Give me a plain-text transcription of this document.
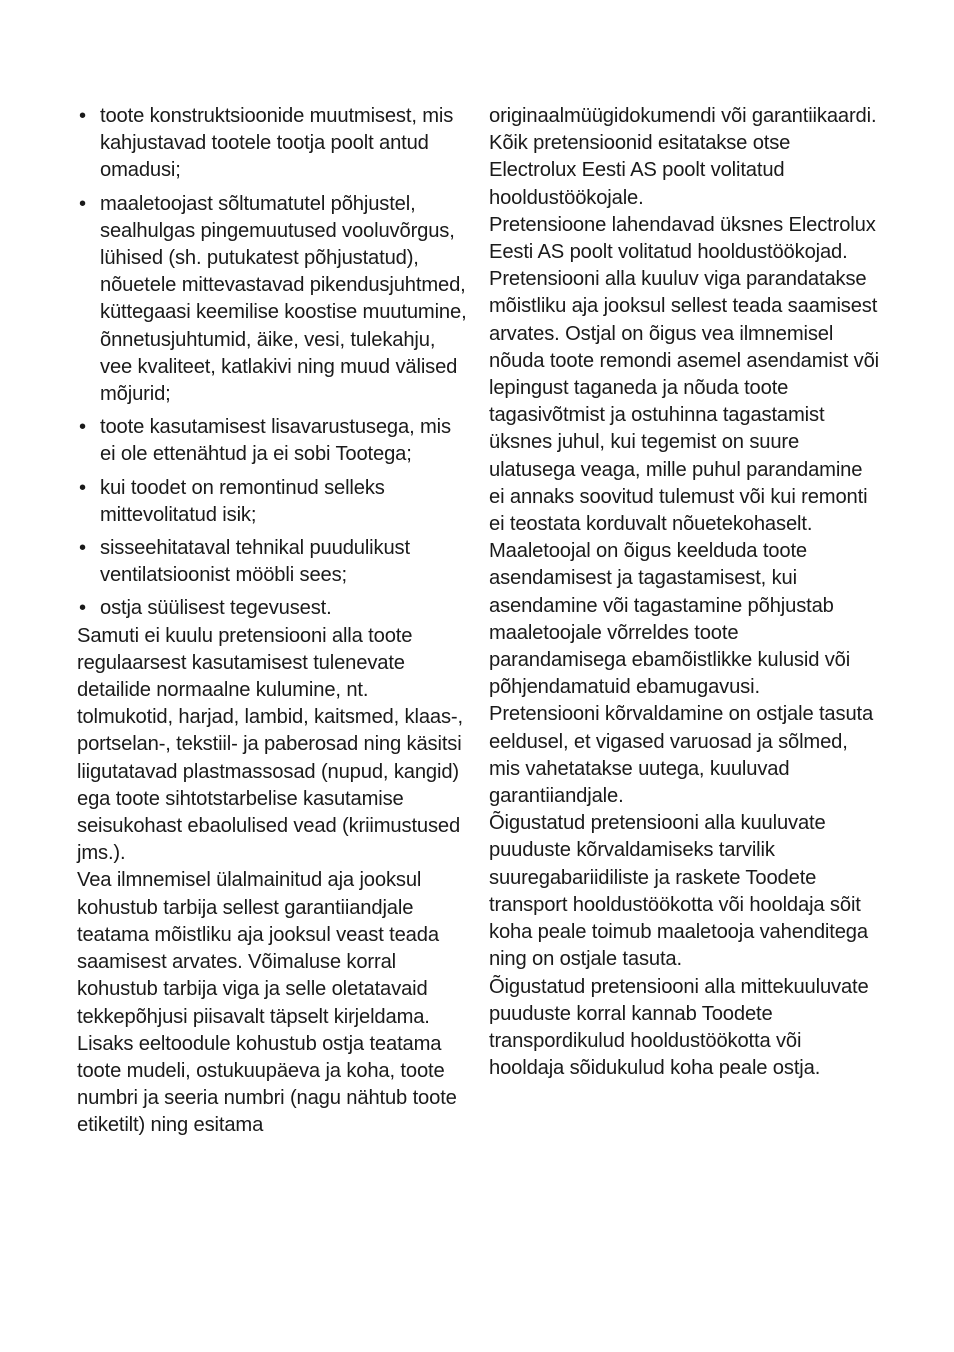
• toote konstruktsioonide muutmisest, mis kahjustavad tootele tootja poolt antud omadusi;
• maaletoojast sõltumatutel põhjustel, sealhulgas pingemuutused vooluvõrgus, lühised (sh. putukatest põhjustatud), nõuetele mittevastavad pikendusjuhtmed, küttegaasi keemilise koostise muutumine, õnnetusjuhtumid, äike, vesi, tulekahju, vee kvaliteet, katlakivi ning muud välised mõjurid;
• toote kasutamisest lisavarustusega, mis ei ole ettenähtud ja ei sobi Tootega;
• kui toodet on remontinud selleks mittevolitatud isik;
• sisseehitataval tehnikal puudulikust ventilatsioonist mööbli sees;
• ostja süülisest tegevusest.

Samuti ei kuulu pretensiooni alla toote regulaarsest kasutamisest tulenevate detailide normaalne kulumine, nt. tolmukotid, harjad, lambid, kaitsmed, klaas-, portselan-, tekstiil- ja paberosad ning käsitsi liigutatavad plastmassosad (nupud, kangid) ega toote sihtotstarbelise kasutamise seisukohast ebaolulised vead (kriimustused jms.).

Vea ilmnemisel ülalmainitud aja jooksul kohustub tarbija sellest garantiiandjale teatama mõistliku aja jooksul veast teada saamisest arvates. Võimaluse korral kohustub tarbija viga ja selle oletatavaid tekkepõhjusi piisavalt täpselt kirjeldama. Lisaks eeltoodule kohustub ostja teatama toote mudeli, ostukuupäeva ja koha, toote numbri ja seeria numbri (nagu nähtub toote etiketilt) ning esitama

originaalmüügidokumendi või garantiikaardi.

Kõik pretensioonid esitatakse otse Electrolux Eesti AS poolt volitatud hooldustöökojale.

Pretensioone lahendavad üksnes Electrolux Eesti AS poolt volitatud hooldustöökojad. Pretensiooni alla kuuluv viga parandatakse mõistliku aja jooksul sellest teada saamisest arvates. Ostjal on õigus vea ilmnemisel nõuda toote remondi asemel asendamist või lepingust taganeda ja nõuda toote tagasivõtmist ja ostuhinna tagastamist üksnes juhul, kui tegemist on suure ulatusega veaga, mille puhul parandamine ei annaks soovitud tulemust või kui remonti ei teostata korduvalt nõuetekohaselt. Maaletoojal on õigus keelduda toote asendamisest ja tagastamisest, kui asendamine või tagastamine põhjustab maaletoojale võrreldes toote parandamisega ebamõistlikke kulusid või põhjendamatuid ebamugavusi.

Pretensiooni kõrvaldamine on ostjale tasuta eeldusel, et vigased varuosad ja sõlmed, mis vahetatakse uutega, kuuluvad garantiiandjale.

Õigustatud pretensiooni alla kuuluvate puuduste kõrvaldamiseks tarvilik suuregabariidiliste ja raskete Toodete transport hooldustöökotta või hooldaja sõit koha peale toimub maaletooja vahenditega ning on ostjale tasuta.

Õigustatud pretensiooni alla mittekuuluvate puuduste korral kannab Toodete transpordikulud hooldustöökotta või hooldaja sõidukulud koha peale ostja.
